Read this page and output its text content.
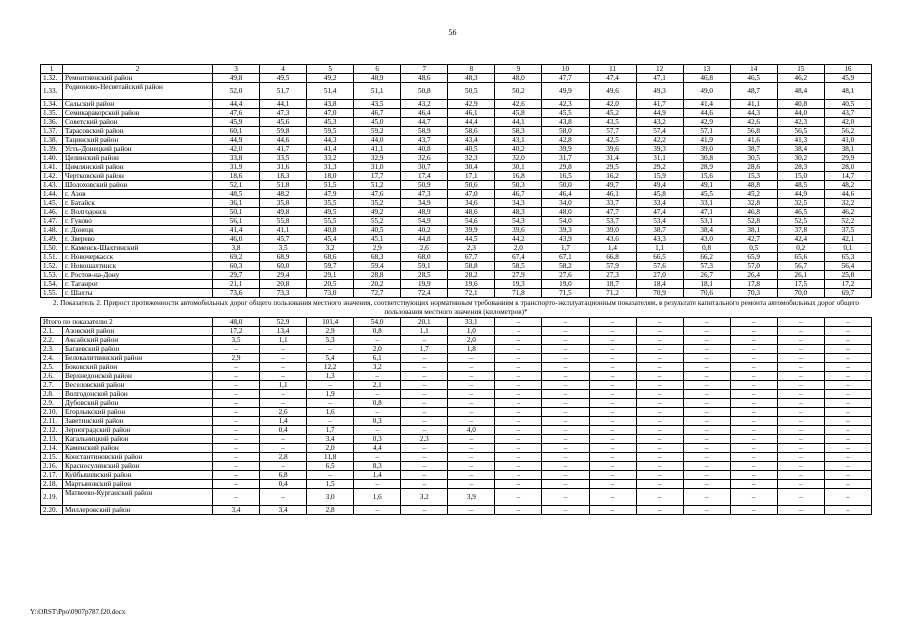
56
1	2	3	4	5	6	7	8	9	10	11	12	13	14	15	16
1.32.	Ремонтненский район	49,8	49,5	49,2	48,9	48,6	48,3	48,0	47,7	47,4	47,1	46,8	46,5	46,2	45,9
1.33.	Родионово-Несветайский район	52,0	51,7	51,4	51,1	50,8	50,5	50,2	49,9	49,6	49,3	49,0	48,7	48,4	48,1
1.34.	Сальский район	44,4	44,1	43,8	43,5	43,2	42,9	42,6	42,3	42,0	41,7	41,4	41,1	40,8	40,5
1.35.	Семикаракорский район	47,6	47,3	47,0	46,7	46,4	46,1	45,8	45,5	45,2	44,9	44,6	44,3	44,0	43,7
1.36.	Советский район	45,9	45,6	45,3	45,0	44,7	44,4	44,1	43,8	43,5	43,2	42,9	42,6	42,3	42,0
1.37.	Тарасовский район	60,1	59,8	59,5	59,2	58,9	58,6	58,3	58,0	57,7	57,4	57,1	56,8	56,5	56,2
1.38.	Тацинский район	44,9	44,6	44,3	44,0	43,7	43,4	43,1	42,8	42,5	42,2	41,9	41,6	41,3	41,0
1.39.	Усть-Донецкий район	42,0	41,7	41,4	41,1	40,8	40,5	40,2	39,9	39,6	39,3	39,0	38,7	38,4	38,1
1.40.	Целинский район	33,8	33,5	33,2	32,9	32,6	32,3	32,0	31,7	31,4	31,1	30,8	30,5	30,2	29,9
1.41.	Цимлянский район	31,9	31,6	31,3	31,0	30,7	30,4	30,1	29,8	29,5	29,2	28,9	28,6	28,3	28,0
1.42.	Чертковский район	18,6	18,3	18,0	17,7	17,4	17,1	16,8	16,5	16,2	15,9	15,6	15,3	15,0	14,7
1.43.	Шолоховский район	52,1	51,8	51,5	51,2	50,9	50,6	50,3	50,0	49,7	49,4	49,1	48,8	48,5	48,2
1.44.	г. Азов	48,5	48,2	47,9	47,6	47,3	47,0	46,7	46,4	46,1	45,8	45,5	45,2	44,9	44,6
1.45.	г. Батайск	36,1	35,8	35,5	35,2	34,9	34,6	34,3	34,0	33,7	33,4	33,1	32,8	32,5	32,2
1.46.	г. Волгодонск	50,1	49,8	49,5	49,2	48,9	48,6	48,3	48,0	47,7	47,4	47,1	46,8	46,5	46,2
1.47.	г. Гуково	56,1	55,8	55,5	55,2	54,9	54,6	54,3	54,0	53,7	53,4	53,1	52,8	52,5	52,2
1.48.	г. Донецк	41,4	41,1	40,8	40,5	40,2	39,9	39,6	39,3	39,0	38,7	38,4	38,1	37,8	37,5
1.49.	г. Зверево	46,0	45,7	45,4	45,1	44,8	44,5	44,2	43,9	43,6	43,3	43,0	42,7	42,4	42,1
1.50.	г. Каменск-Шахтинский	3,8	3,5	3,2	2,9	2,6	2,3	2,0	1,7	1,4	1,1	0,8	0,5	0,2	0,1
1.51.	г. Новочеркасск	69,2	68,9	68,6	68,3	68,0	67,7	67,4	67,1	66,8	66,5	66,2	65,9	65,6	65,3
1.52.	г. Новошахтинск	60,3	60,0	59,7	59,4	59,1	58,8	58,5	58,2	57,9	57,6	57,3	57,0	56,7	56,4
1.53.	г. Ростов-на-Дону	29,7	29,4	29,1	28,8	28,5	28,2	27,9	27,6	27,3	27,0	26,7	26,4	26,1	25,8
1.54.	г. Таганрог	21,1	20,8	20,5	20,2	19,9	19,6	19,3	19,0	18,7	18,4	18,1	17,8	17,5	17,2
1.55.	г. Шахты	73,6	73,3	73,0	72,7	72,4	72,1	71,8	71,5	71,2	70,9	70,6	70,3	70,0	69,7
2. Показатель 2. Прирост протяженности автомобильных дорог общего пользования местного значения, соответствующих нормативным требованиям к транспорто-эксплуатационным показателям, в результате капитального ремонта автомобильных дорог общего пользования местного значения (километров)*															
Итого по показателю 2		48,0	52,9	101,4	54,0	20,1	33,1	–	–	–	–	–	–	–	–
2.1.	Азовский район	17,2	13,4	2,9	0,8	1,1	1,0	–	–	–	–	–	–	–	–
2.2.	Аксайский район	3,5	1,1	5,3	–	–	2,0	–	–	–	–	–	–	–	–
2.3.	Багаевский район	–	–	–	2,0	1,7	1,8	–	–	–	–	–	–	–	–
2.4.	Белокалитвинский район	2,9	–	5,4	6,1	–	–	–	–	–	–	–	–	–	–
2.5.	Боковский район	–	–	12,2	3,2	–	–	–	–	–	–	–	–	–	–
2.6.	Верхнедонской район	–	–	1,3	–	–	–	–	–	–	–	–	–	–	–
2.7.	Веселовский район	–	1,1	–	2,1	–	–	–	–	–	–	–	–	–	–
2.8.	Волгодонской район	–	–	1,9	–	–	–	–	–	–	–	–	–	–	–
2.9.	Дубовский район	–	–	–	0,8	–	–	–	–	–	–	–	–	–	–
2.10.	Егорлыкский район	–	2,6	1,6	–	–	–	–	–	–	–	–	–	–	–
2.11.	Заветинский район	–	1,4	–	0,3	–	–	–	–	–	–	–	–	–	–
2.12.	Зерноградский район	–	0,4	1,7	–	–	4,0	–	–	–	–	–	–	–	–
2.13.	Кагальницкий район	–	–	3,4	0,3	2,3	–	–	–	–	–	–	–	–	–
2.14.	Каменский район	–	–	2,0	4,4	–	–	–	–	–	–	–	–	–	–
2.15.	Константиновский район	–	2,8	11,8	–	–	–	–	–	–	–	–	–	–	–
2.16.	Красносулинский район	–	–	6,5	8,3	–	–	–	–	–	–	–	–	–	–
2.17.	Куйбышевский район	–	6,8	–	1,4	–	–	–	–	–	–	–	–	–	–
2.18.	Мартыновский район	–	0,4	1,5	–	–	–	–	–	–	–	–	–	–	–
2.19.	Матвеево-Курганский район	–	–	3,0	1,6	3,2	3,9	–	–	–	–	–	–	–	–
2.20.	Миллеровский район	3,4	3,4	2,8	–	–	–	–	–	–	–	–	–	–	–
Y:\ORST\Ppo\0907p787.f20.docx
